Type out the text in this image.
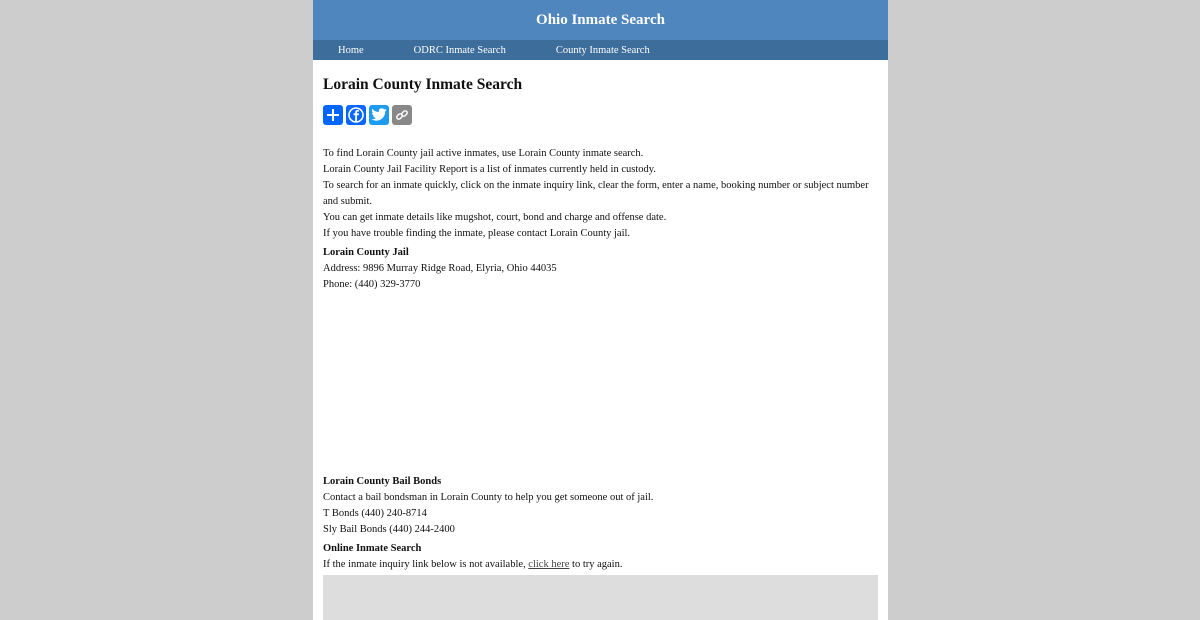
Ohio Inmate Search
Home	ODRC Inmate Search	County Inmate Search
Lorain County Inmate Search

To find Lorain County jail active inmates, use Lorain County inmate search.

Lorain County Jail Facility Report is a list of inmates currently held in custody.

To search for an inmate quickly, click on the inmate inquiry link, clear the form, enter a name, booking number or subject number and submit.

You can get inmate details like mugshot, court, bond and charge and offense date.

If you have trouble finding the inmate, please contact Lorain County jail.

Lorain County Jail

Address: 9896 Murray Ridge Road, Elyria, Ohio 44035

Phone: (440) 329-3770

Lorain County Bail Bonds

Contact a bail bondsman in Lorain County to help you get someone out of jail.

T Bonds (440) 240-8714

Sly Bail Bonds (440) 244-2400

Online Inmate Search

If the inmate inquiry link below is not available, click here to try again.
